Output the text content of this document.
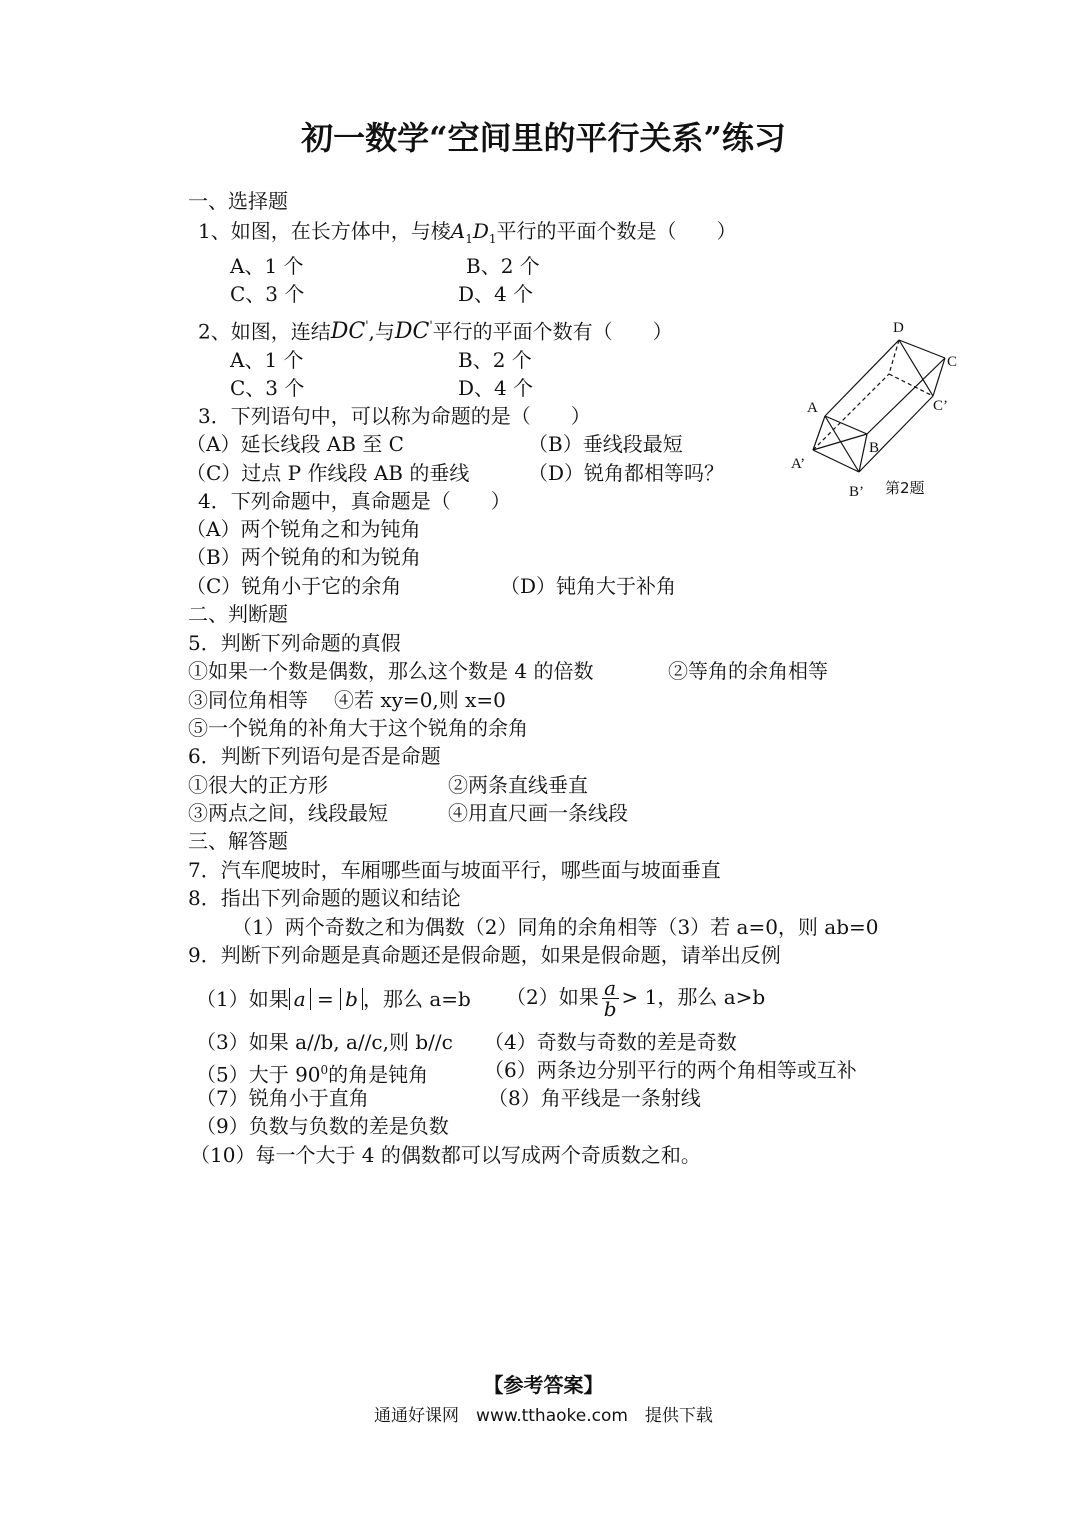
初一数学“空间里的平行关系”练习
一、选择题
1、如图，在长方体中，与棱$A_1D_1$平行的平面个数是（　　）
A、1 个	B、2 个
C、3 个	D、4 个
2、如图，连结DC',与DC'平行的平面个数有（　　）
A、1 个	B、2 个
C、3 个	D、4 个
3．下列语句中，可以称为命题的是（　　）
（A）延长线段 AB 至 C	（B）垂线段最短
（C）过点 P 作线段 AB 的垂线	（D）锐角都相等吗？
4．下列命题中，真命题是（　　）
（A）两个锐角之和为钝角
（B）两个锐角的和为锐角
（C）锐角小于它的余角	（D）钝角大于补角
二、判断题
5．判断下列命题的真假
①如果一个数是偶数，那么这个数是 4 的倍数	②等角的余角相等
③同位角相等 ④若 xy=0,则 x=0
⑤一个锐角的补角大于这个锐角的余角
6．判断下列语句是否是命题
①很大的正方形	②两条直线垂直
③两点之间，线段最短	④用直尺画一条线段
三、解答题
7．汽车爬坡时，车厢哪些面与坡面平行，哪些面与坡面垂直
8．指出下列命题的题议和结论
（1）两个奇数之和为偶数（2）同角的余角相等（3）若 a=0，则 ab=0
9．判断下列命题是真命题还是假命题，如果是假命题，请举出反例
（1）如果 a = b ，那么 a=b （2）如果 $\frac{a}{b} > 1$，那么 a>b
（3）如果 a//b, a//c,则 b//c （4）奇数与奇数的差是奇数
（5）大于 $90^0$的角是钝角	（6）两条边分别平行的两个角相等或互补
（7）锐角小于直角	（8）角平线是一条射线
（9）负数与负数的差是负数
（10）每一个大于 4 的偶数都可以写成两个奇质数之和。
D
C
A	C’
B
A’
B’ 第2题
【参考答案】
通通好课网　www.tthaoke.com　提供下载
